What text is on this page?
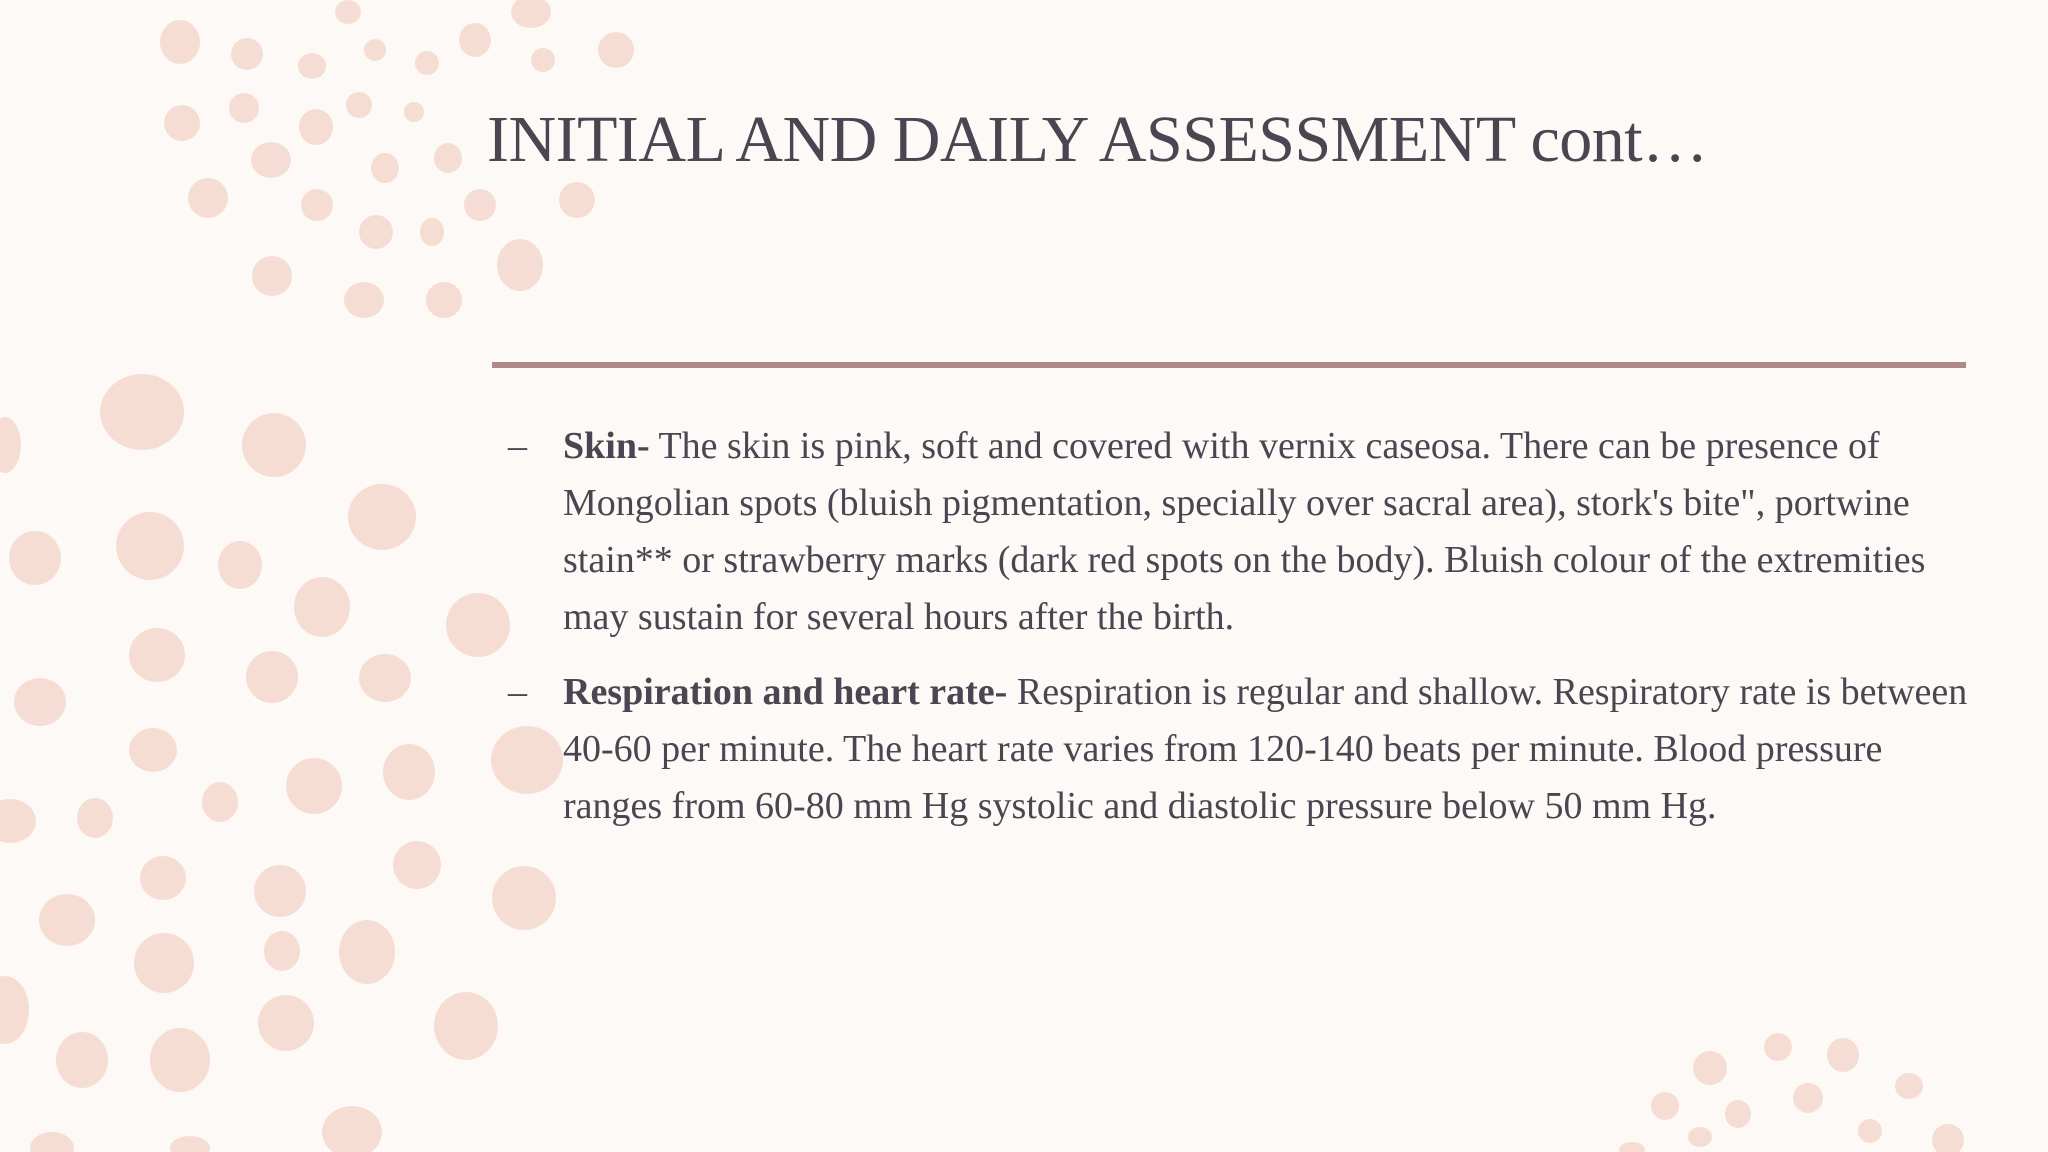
INITIAL AND DAILY ASSESSMENT cont…
– Skin- The skin is pink, soft and covered with vernix caseosa. There can be presence of Mongolian spots (bluish pigmentation, specially over sacral area), stork's bite", portwine stain** or strawberry marks (dark red spots on the body). Bluish colour of the extremities may sustain for several hours after the birth.
– Respiration and heart rate- Respiration is regular and shallow. Respiratory rate is between 40-60 per minute. The heart rate varies from 120-140 beats per minute. Blood pressure ranges from 60-80 mm Hg systolic and diastolic pressure below 50 mm Hg.
